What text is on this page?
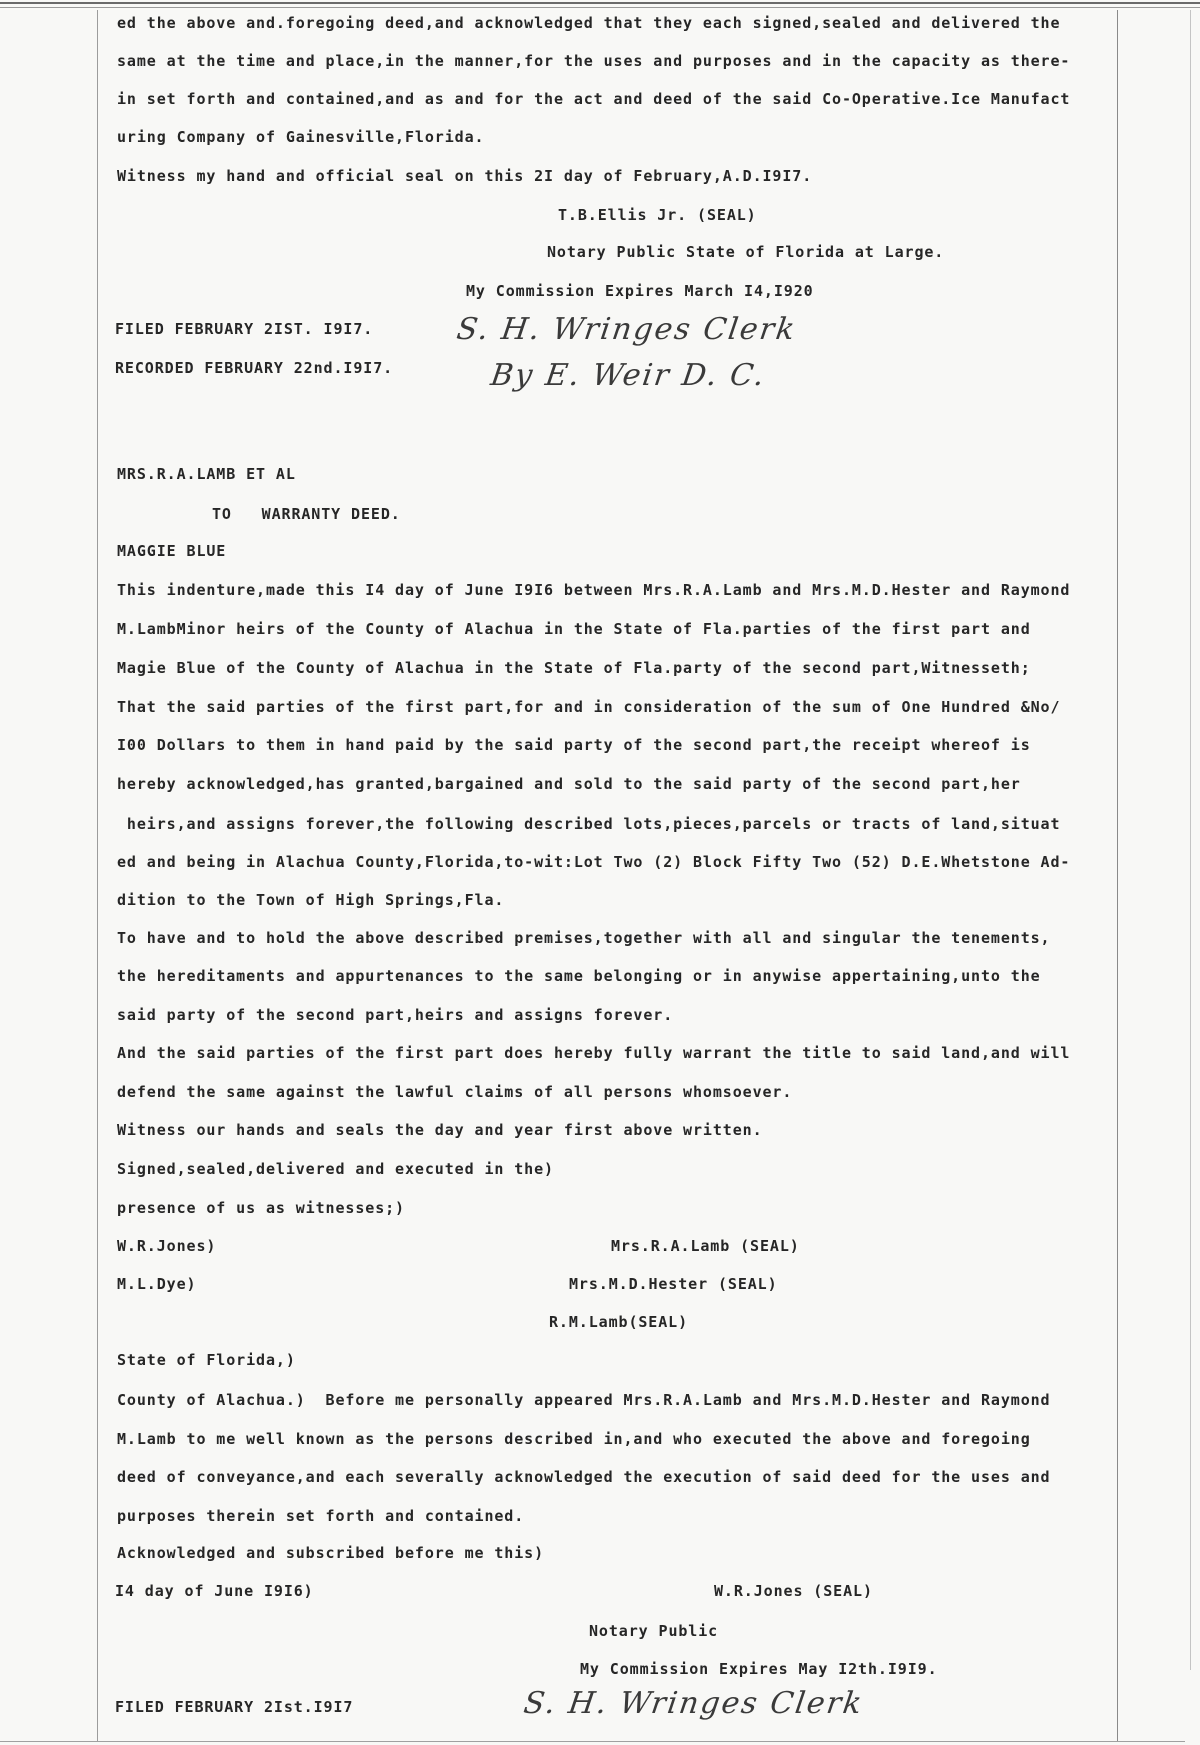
ed the above and.foregoing deed,and acknowledged that they each signed,sealed and delivered the
same at the time and place,in the manner,for the uses and purposes and in the capacity as there-
in set forth and contained,and as and for the act and deed of the said Co-Operative.Ice Manufact
uring Company of Gainesville,Florida.
Witness my hand and official seal on this 2I day of February,A.D.I9I7.
T.B.Ellis Jr. (SEAL)
Notary Public State of Florida at Large.
My Commission Expires March I4,I920
FILED FEBRUARY 2IST. I9I7.
RECORDED FEBRUARY 22nd.I9I7.
S. H. Wringes Clerk
By E. Weir D. C.
MRS.R.A.LAMB ET AL
TO   WARRANTY DEED.
MAGGIE BLUE
This indenture,made this I4 day of June I9I6 between Mrs.R.A.Lamb and Mrs.M.D.Hester and Raymond
M.LambMinor heirs of the County of Alachua in the State of Fla.parties of the first part and
Magie Blue of the County of Alachua in the State of Fla.party of the second part,Witnesseth;
That the said parties of the first part,for and in consideration of the sum of One Hundred &No/
I00 Dollars to them in hand paid by the said party of the second part,the receipt whereof is
hereby acknowledged,has granted,bargained and sold to the said party of the second part,her
heirs,and assigns forever,the following described lots,pieces,parcels or tracts of land,situat
ed and being in Alachua County,Florida,to-wit:Lot Two (2) Block Fifty Two (52) D.E.Whetstone Ad-
dition to the Town of High Springs,Fla.
To have and to hold the above described premises,together with all and singular the tenements,
the hereditaments and appurtenances to the same belonging or in anywise appertaining,unto the
said party of the second part,heirs and assigns forever.
And the said parties of the first part does hereby fully warrant the title to said land,and will
defend the same against the lawful claims of all persons whomsoever.
Witness our hands and seals the day and year first above written.
Signed,sealed,delivered and executed in the)
presence of us as witnesses;)
W.R.Jones)	Mrs.R.A.Lamb (SEAL)
M.L.Dye)	Mrs.M.D.Hester (SEAL)
R.M.Lamb(SEAL)
State of Florida,)
County of Alachua.)  Before me personally appeared Mrs.R.A.Lamb and Mrs.M.D.Hester and Raymond
M.Lamb to me well known as the persons described in,and who executed the above and foregoing
deed of conveyance,and each severally acknowledged the execution of said deed for the uses and
purposes therein set forth and contained.
Acknowledged and subscribed before me this)
I4 day of June I9I6)	W.R.Jones (SEAL)
Notary Public
My Commission Expires May I2th.I9I9.
FILED FEBRUARY 2Ist.I9I7	S. H. Wringes Clerk
